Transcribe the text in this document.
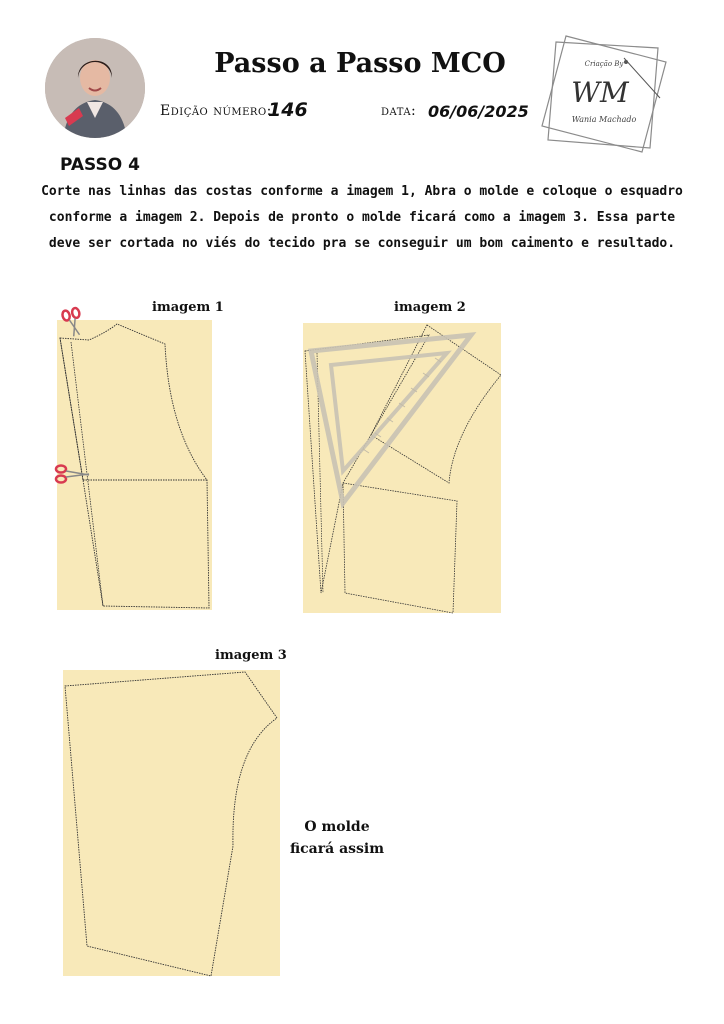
Passo a Passo MCO
Edição número:
146	data: 06/06/2025
Criação By
WM
Wania Machado
PASSO 4
Corte nas linhas das costas conforme a imagem 1, Abra o molde e coloque o esquadro conforme a imagem 2. Depois de pronto o molde ficará como a imagem 3. Essa parte deve ser cortada no viés do tecido pra se conseguir um bom caimento e resultado.
imagem 1	imagem 2
imagem 3
O molde ficará assim
